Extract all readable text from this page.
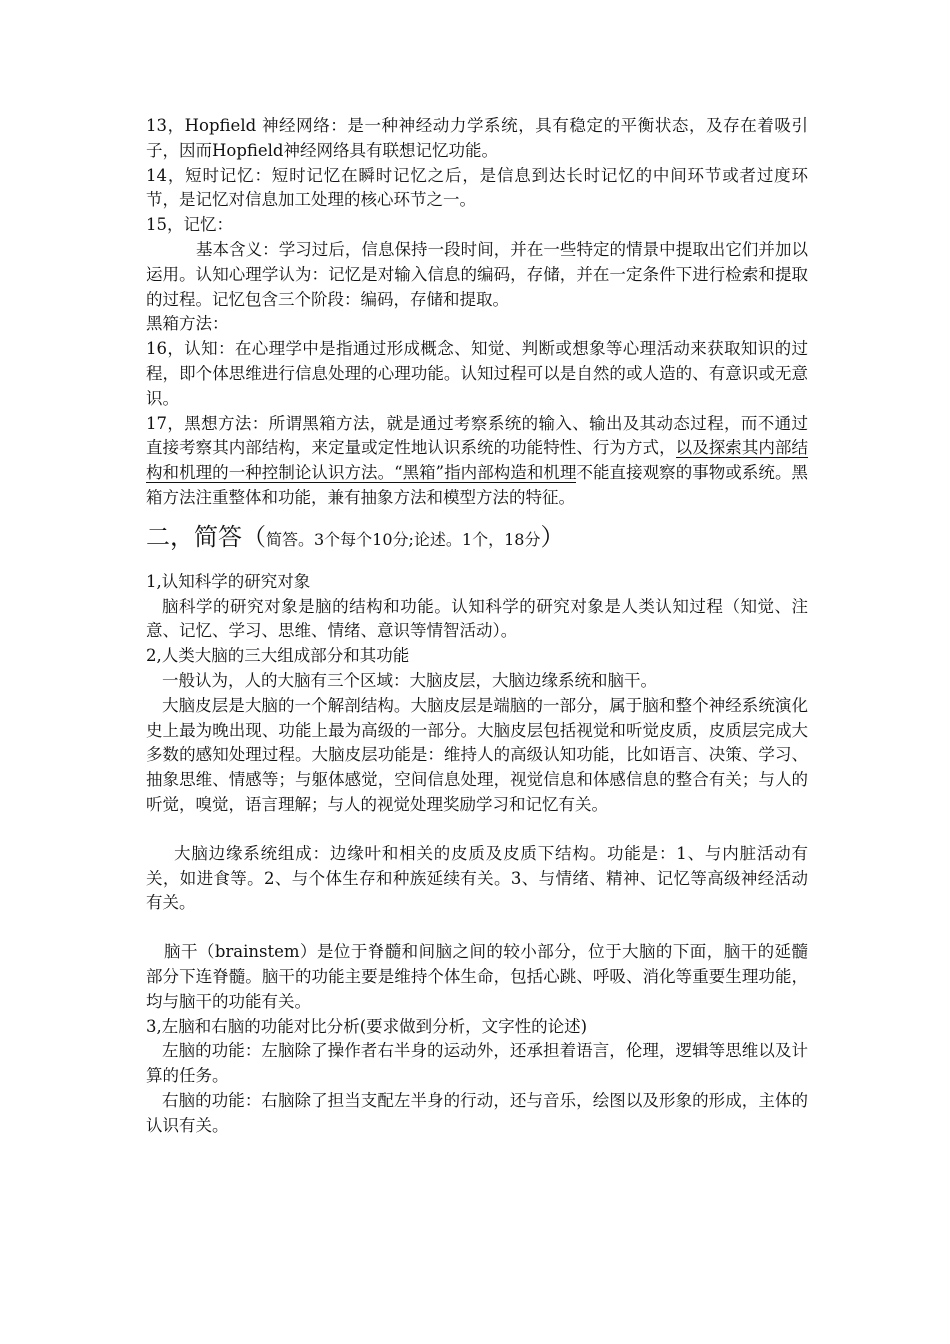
13，Hopfield 神经网络：是一种神经动力学系统，具有稳定的平衡状态，及存在着吸引子，因而Hopfield神经网络具有联想记忆功能。

14，短时记忆：短时记忆在瞬时记忆之后，是信息到达长时记忆的中间环节或者过度环节，是记忆对信息加工处理的核心环节之一。

15，记忆：

基本含义：学习过后，信息保持一段时间，并在一些特定的情景中提取出它们并加以运用。认知心理学认为：记忆是对输入信息的编码，存储，并在一定条件下进行检索和提取的过程。记忆包含三个阶段：编码，存储和提取。

黑箱方法：

16，认知：在心理学中是指通过形成概念、知觉、判断或想象等心理活动来获取知识的过程，即个体思维进行信息处理的心理功能。认知过程可以是自然的或人造的、有意识或无意识。

17，黑想方法：所谓黑箱方法，就是通过考察系统的输入、输出及其动态过程，而不通过直接考察其内部结构，来定量或定性地认识系统的功能特性、行为方式，以及探索其内部结构和机理的一种控制论认识方法。“黑箱”指内部构造和机理不能直接观察的事物或系统。黑箱方法注重整体和功能，兼有抽象方法和模型方法的特征。

二，简答（简答。3个每个10分;论述。1个，18分）

1,认知科学的研究对象

脑科学的研究对象是脑的结构和功能。认知科学的研究对象是人类认知过程（知觉、注意、记忆、学习、思维、情绪、意识等情智活动）。

2,人类大脑的三大组成部分和其功能

一般认为，人的大脑有三个区域：大脑皮层，大脑边缘系统和脑干。

大脑皮层是大脑的一个解剖结构。大脑皮层是端脑的一部分，属于脑和整个神经系统演化史上最为晚出现、功能上最为高级的一部分。大脑皮层包括视觉和听觉皮质，皮质层完成大多数的感知处理过程。大脑皮层功能是：维持人的高级认知功能，比如语言、决策、学习、抽象思维、情感等；与躯体感觉，空间信息处理，视觉信息和体感信息的整合有关；与人的听觉，嗅觉，语言理解；与人的视觉处理奖励学习和记忆有关。

大脑边缘系统组成：边缘叶和相关的皮质及皮质下结构。功能是：1、与内脏活动有关，如进食等。2、与个体生存和种族延续有关。3、与情绪、精神、记忆等高级神经活动有关。

脑干（brainstem）是位于脊髓和间脑之间的较小部分，位于大脑的下面，脑干的延髓部分下连脊髓。脑干的功能主要是维持个体生命，包括心跳、呼吸、消化等重要生理功能，均与脑干的功能有关。

3,左脑和右脑的功能对比分析(要求做到分析，文字性的论述)

左脑的功能：左脑除了操作者右半身的运动外，还承担着语言，伦理，逻辑等思维以及计算的任务。

右脑的功能：右脑除了担当支配左半身的行动，还与音乐，绘图以及形象的形成，主体的认识有关。
